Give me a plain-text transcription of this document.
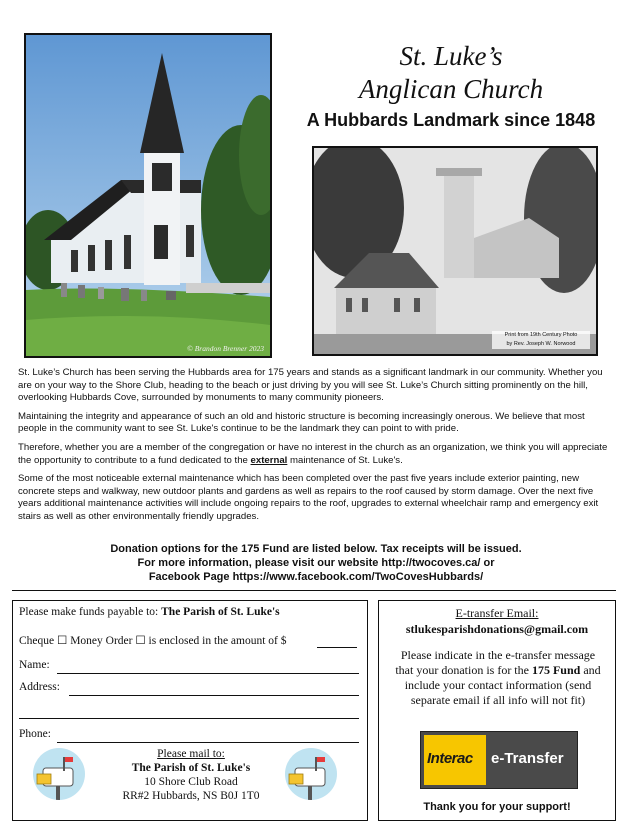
© Brandon Brenner 2023
St. Luke’s
Anglican Church
A Hubbards Landmark since 1848
Print from 19th Century Photo
by Rev. Joseph W. Norwood

St. Luke’s Church has been serving the Hubbards area for 175 years and stands as a significant landmark in our community. Whether you are on your way to the Shore Club, heading to the beach or just driving by you will see St. Luke’s Church sitting prominently on the hill, overlooking Hubbards Cove, surrounded by monuments to many community pioneers.

Maintaining the integrity and appearance of such an old and historic structure is becoming increasingly onerous. We believe that most people in the community want to see St. Luke's continue to be the landmark they can point to with pride.

Therefore, whether you are a member of the congregation or have no interest in the church as an organization, we think you will appreciate the opportunity to contribute to a fund dedicated to the external maintenance of St. Luke's.

Some of the most noticeable external maintenance which has been completed over the past five years include exterior painting, new concrete steps and walkway, new outdoor plants and gardens as well as repairs to the roof caused by storm damage. Over the next five years additional maintenance activities will include ongoing repairs to the roof, upgrades to external wheelchair ramp and emergency exit stairs as well as other environmentally friendly upgrades.

Donation options for the 175 Fund are listed below. Tax receipts will be issued.
For more information, please visit our website http://twocoves.ca/ or
Facebook Page https://www.facebook.com/TwoCovesHubbards/
Please make funds payable to: The Parish of St. Luke's
Cheque ☐ Money Order ☐ is enclosed in the amount of $
Name:
Address:
Phone:
Please mail to:
The Parish of St. Luke's
10 Shore Club Road
RR#2 Hubbards, NS B0J 1T0
E-transfer Email:
stlukesparishdonations@gmail.com
Please indicate in the e-transfer message that your donation is for the 175 Fund and include your contact information (send separate email if all info will not fit)
Interac e-Transfer
Thank you for your support!
